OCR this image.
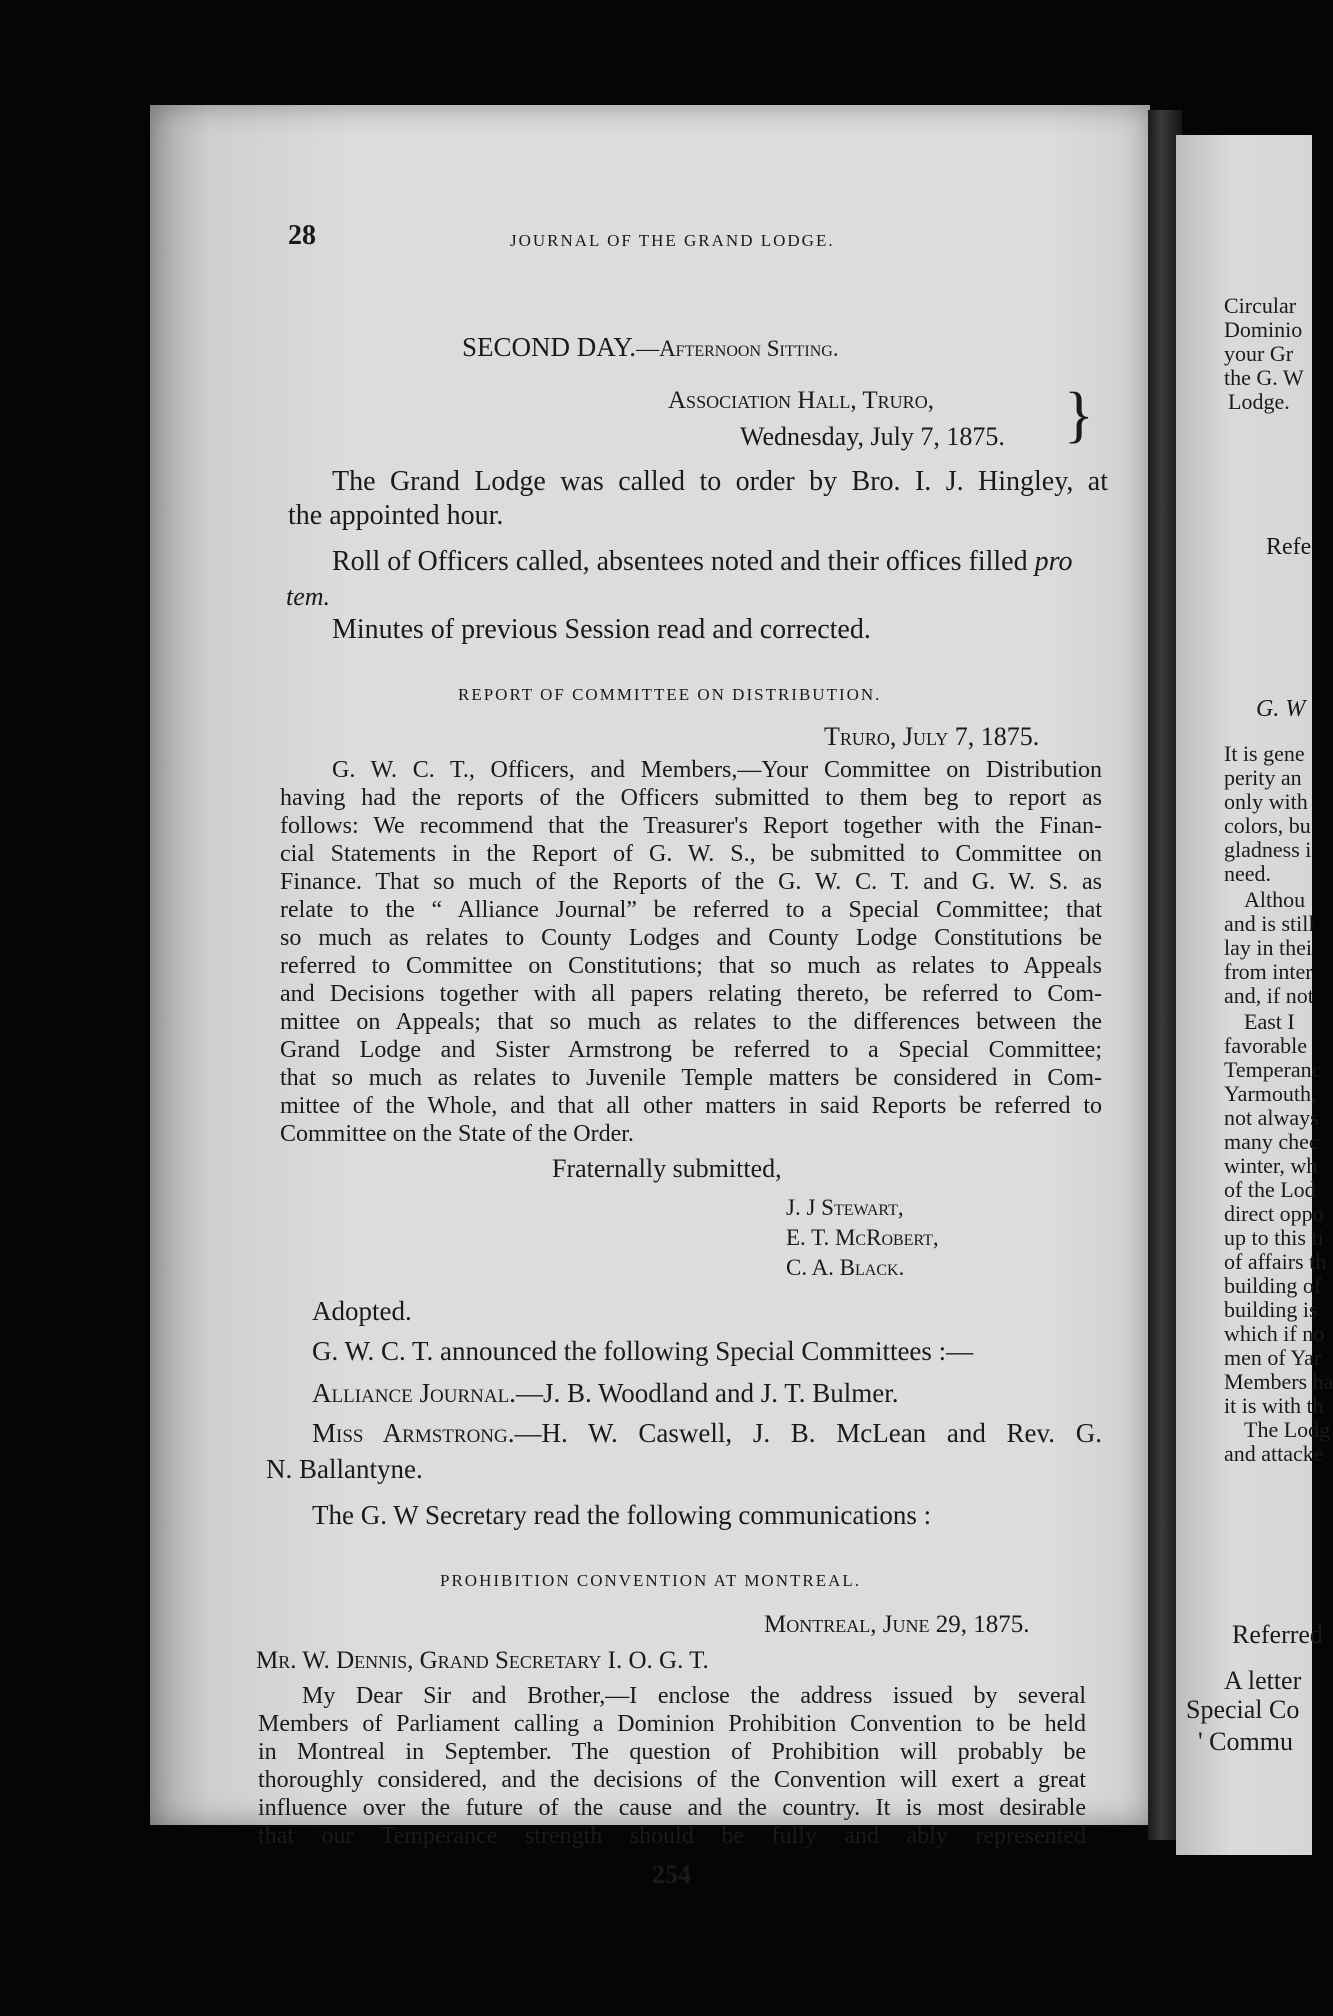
Circular
Dominio
your Gr
the G. W
Lodge.
Refe
G. W
It is gene
perity an
only with
colors, bu
gladness i
need.
Althou
and is still
lay in thei
from inter
and, if not
East I
favorable
Temperanc
Yarmouth,
not always
many chec
winter, wh
of the Lod
direct oppo
up to this ti
of affairs th
building of
building is
which if no
men of Yar
Members ha
it is with th
The Lodg
and attacke
Referred
A letter
Special Co
' Commu
28	JOURNAL OF THE GRAND LODGE.
SECOND DAY.—Afternoon Sitting.
Association Hall, Truro,
Wednesday, July 7, 1875. }
The Grand Lodge was called to order by Bro. I. J. Hingley, at
the appointed hour.
Roll of Officers called, absentees noted and their offices filled pro
tem.
Minutes of previous Session read and corrected.
REPORT OF COMMITTEE ON DISTRIBUTION.
Truro, July 7, 1875.
G. W. C. T., Officers, and Members,—Your Committee on Distribution
having had the reports of the Officers submitted to them beg to report as
follows: We recommend that the Treasurer's Report together with the Finan-
cial Statements in the Report of G. W. S., be submitted to Committee on
Finance. That so much of the Reports of the G. W. C. T. and G. W. S. as
relate to the “ Alliance Journal” be referred to a Special Committee; that
so much as relates to County Lodges and County Lodge Constitutions be
referred to Committee on Constitutions; that so much as relates to Appeals
and Decisions together with all papers relating thereto, be referred to Com-
mittee on Appeals; that so much as relates to the differences between the
Grand Lodge and Sister Armstrong be referred to a Special Committee;
that so much as relates to Juvenile Temple matters be considered in Com-
mittee of the Whole, and that all other matters in said Reports be referred to
Committee on the State of the Order.
Fraternally submitted,
J. J Stewart,
E. T. McRobert,
C. A. Black.
Adopted.
G. W. C. T. announced the following Special Committees :—
Alliance Journal.—J. B. Woodland and J. T. Bulmer.
Miss Armstrong.—H. W. Caswell, J. B. McLean and Rev. G.
N. Ballantyne.
The G. W Secretary read the following communications :
PROHIBITION CONVENTION AT MONTREAL.
Montreal, June 29, 1875.
Mr. W. Dennis, Grand Secretary I. O. G. T.
My Dear Sir and Brother,—I enclose the address issued by several
Members of Parliament calling a Dominion Prohibition Convention to be held
in Montreal in September. The question of Prohibition will probably be
thoroughly considered, and the decisions of the Convention will exert a great
influence over the future of the cause and the country. It is most desirable
that our Temperance strength should be fully and ably represented
254
